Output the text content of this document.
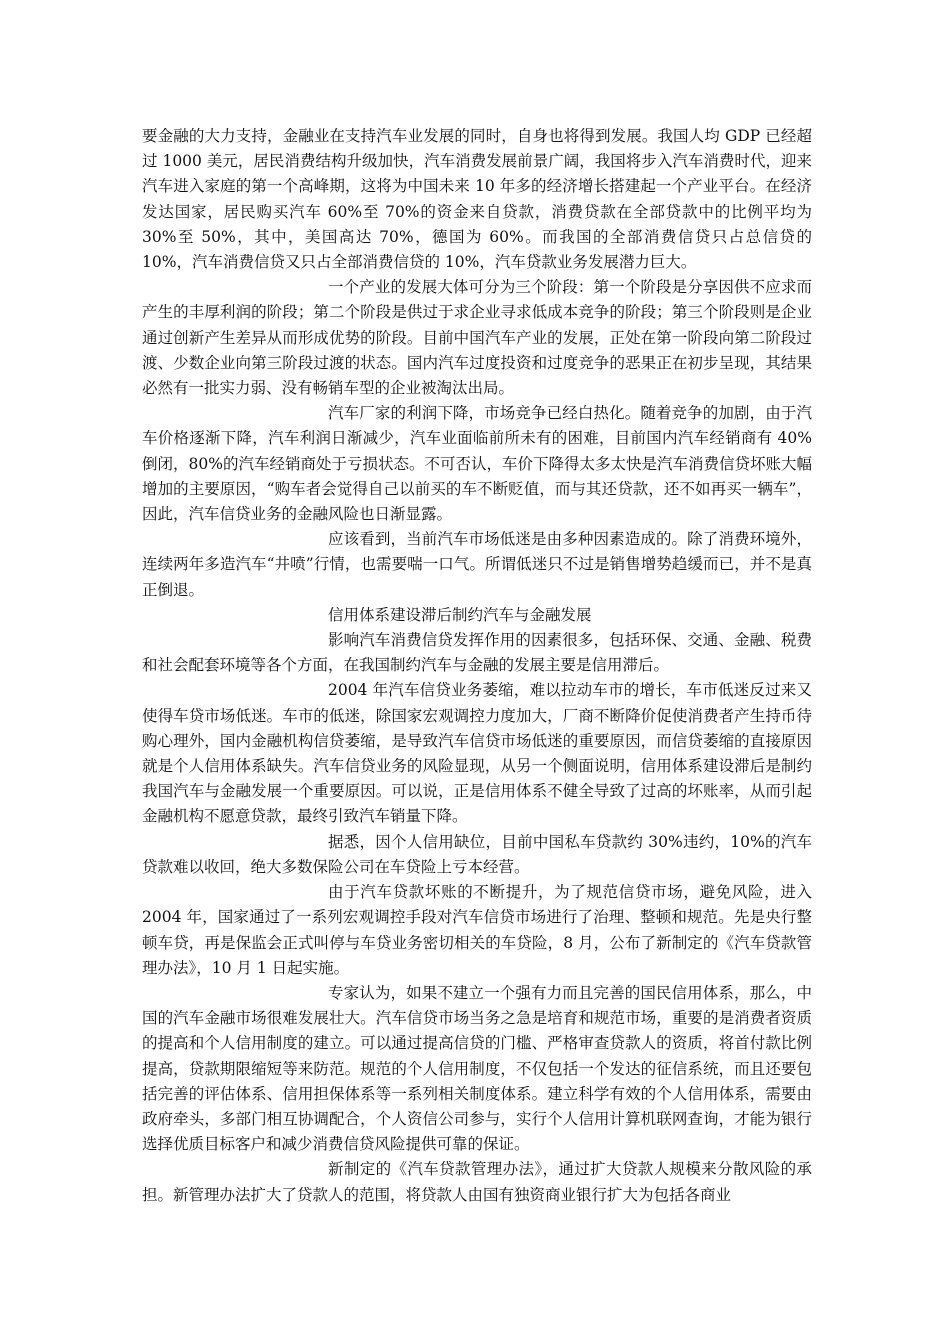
要金融的大力支持，金融业在支持汽车业发展的同时，自身也将得到发展。我国人均 GDP 已经超过 1000 美元，居民消费结构升级加快，汽车消费发展前景广阔，我国将步入汽车消费时代，迎来汽车进入家庭的第一个高峰期，这将为中国未来 10 年多的经济增长搭建起一个产业平台。在经济发达国家，居民购买汽车 60%至 70%的资金来自贷款，消费贷款在全部贷款中的比例平均为 30%至 50%，其中，美国高达 70%，德国为 60%。而我国的全部消费信贷只占总信贷的 10%，汽车消费信贷又只占全部消费信贷的 10%，汽车贷款业务发展潜力巨大。

一个产业的发展大体可分为三个阶段：第一个阶段是分享因供不应求而产生的丰厚利润的阶段；第二个阶段是供过于求企业寻求低成本竞争的阶段；第三个阶段则是企业通过创新产生差异从而形成优势的阶段。目前中国汽车产业的发展，正处在第一阶段向第二阶段过渡、少数企业向第三阶段过渡的状态。国内汽车过度投资和过度竞争的恶果正在初步呈现，其结果必然有一批实力弱、没有畅销车型的企业被淘汰出局。

汽车厂家的利润下降，市场竞争已经白热化。随着竞争的加剧，由于汽车价格逐渐下降，汽车利润日渐减少，汽车业面临前所未有的困难，目前国内汽车经销商有 40%倒闭，80%的汽车经销商处于亏损状态。不可否认，车价下降得太多太快是汽车消费信贷坏账大幅增加的主要原因，“购车者会觉得自己以前买的车不断贬值，而与其还贷款，还不如再买一辆车”，因此，汽车信贷业务的金融风险也日渐显露。

应该看到，当前汽车市场低迷是由多种因素造成的。除了消费环境外，连续两年多造汽车“井喷”行情，也需要喘一口气。所谓低迷只不过是销售增势趋缓而已，并不是真正倒退。

信用体系建设滞后制约汽车与金融发展

影响汽车消费信贷发挥作用的因素很多，包括环保、交通、金融、税费和社会配套环境等各个方面，在我国制约汽车与金融的发展主要是信用滞后。

2004 年汽车信贷业务萎缩，难以拉动车市的增长，车市低迷反过来又使得车贷市场低迷。车市的低迷，除国家宏观调控力度加大，厂商不断降价促使消费者产生持币待购心理外，国内金融机构信贷萎缩，是导致汽车信贷市场低迷的重要原因，而信贷萎缩的直接原因就是个人信用体系缺失。汽车信贷业务的风险显现，从另一个侧面说明，信用体系建设滞后是制约我国汽车与金融发展一个重要原因。可以说，正是信用体系不健全导致了过高的坏账率，从而引起金融机构不愿意贷款，最终引致汽车销量下降。

据悉，因个人信用缺位，目前中国私车贷款约 30%违约，10%的汽车贷款难以收回，绝大多数保险公司在车贷险上亏本经营。

由于汽车贷款坏账的不断提升，为了规范信贷市场，避免风险，进入 2004 年，国家通过了一系列宏观调控手段对汽车信贷市场进行了治理、整顿和规范。先是央行整顿车贷，再是保监会正式叫停与车贷业务密切相关的车贷险，8 月，公布了新制定的《汽车贷款管理办法》，10 月 1 日起实施。

专家认为，如果不建立一个强有力而且完善的国民信用体系，那么，中国的汽车金融市场很难发展壮大。汽车信贷市场当务之急是培育和规范市场，重要的是消费者资质的提高和个人信用制度的建立。可以通过提高信贷的门槛、严格审查贷款人的资质，将首付款比例提高，贷款期限缩短等来防范。规范的个人信用制度，不仅包括一个发达的征信系统，而且还要包括完善的评估体系、信用担保体系等一系列相关制度体系。建立科学有效的个人信用体系，需要由政府牵头，多部门相互协调配合，个人资信公司参与，实行个人信用计算机联网查询，才能为银行选择优质目标客户和减少消费信贷风险提供可靠的保证。

新制定的《汽车贷款管理办法》，通过扩大贷款人规模来分散风险的承担。新管理办法扩大了贷款人的范围，将贷款人由国有独资商业银行扩大为包括各商业
